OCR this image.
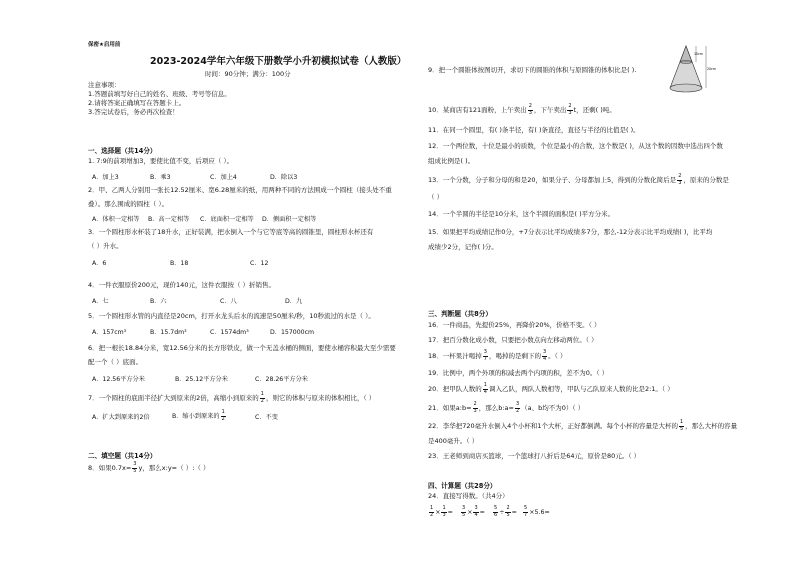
保密★启用前
2023-2024学年六年级下册数学小升初模拟试卷（人教版）
时间：90分钟；满分：100分
注意事项：
1.答题前填写好自己的姓名、班级、考号等信息。
2.请将答案正确填写在答题卡上。
3.答完试卷后，务必再次检查！
一、选择题（共14分）
1. 7:9的前项增加3，要使比值不变，后项应（ ）。
A．加上3	B．乘3	C．加上4	D．除以3
2．甲、乙两人分别用一张长12.52厘米、宽6.28厘米的纸，用两种不同的方法围成一个圆柱（接头处不重
叠）。那么围成的圆柱（ ）。
A．体积一定相等 B．高一定相等 C．底面积一定相等 D．侧面积一定相等
3．一个圆柱形水杯装了18升水，正好装满，把水倒入一个与它等底等高的圆锥里，圆柱形水杯还有
（ ）升水。
A．6	B．18	C．12
4．一件衣服原价200元，现价140元，这件衣服按（ ）折销售。
A．七	B．六	C．八	D．九
5．一个圆柱形水管的内直径是20cm，打开水龙头后水的流速是50厘米/秒，10秒流过的水是（ ）。
A．157cm³	B．15.7dm³	C．1574dm³	D．157000cm
6．把一根长18.84分米，宽12.56分米的长方形铁皮，做一个无盖水桶的侧面，要使水桶容积最大至少需要
配一个（ ）底面。
A．12.56平方分米	B．25.12平方分米	C．28.26平方分米
7．一个圆柱的底面半径扩大到原来的2倍，高缩小到原来的 $\frac{1}{2}$ ，则它的体积与原来的体积相比，（ ）
A．扩大到原来的2倍	B．缩小到原来的 $\frac{1}{2}$	C．不变
二、填空题（共14分）
8．如果$0.7x= \frac{3}{5}$ y，那么x:y=（ ）:（ ）
9．把一个圆锥体按图切开，求切下的圆锥的体积与原圆锥的体积比是( ).
10cm
20cm
10．某商店有121面粉，上午卖出 $\frac{2}{3}$ ，下午卖出 $\frac{2}{3}$ t，还剩( )吨。
11．在同一个圆里，有( )条半径，有( )条直径，直径与半径的比值是( )。
12．一个两位数，十位是最小的质数，个位是最小的合数，这个数是( )，从这个数的因数中选出四个数
组成比例是( )。
13．一个分数，分子和分母的和是20，如果分子、分母都加上5，得到的分数化简后是 $\frac{2}{3}$ ，原来的分数是
（ ）
14．一个半圆的半径是10分米，这个半圆的面积是( )平方分米。
15．如果把平均成绩记作0分，+7分表示比平均成绩多7分，那么-12分表示比平均成绩( )，比平均
成绩少2分，记作( )分。
三、判断题（共8分）
16．一件商品，先提价25%，再降价20%，价格不变。（ ）
17．把百分数化成小数，只要把小数点向左移动两位。（ ）
18．一杯果汁喝掉 $\frac{3}{7}$ ，喝掉的是剩下的 $\frac{3}{4}$ 。（ ）
19．比例中，两个外项的积减去两个内项的积，差不为0。（ ）
20．把甲队人数的 $\frac{1}{4}$ 调入乙队，两队人数相等，甲队与乙队原来人数的比是2:1。（ ）
21．如果a:b= $\frac{2}{3}$ ，那么b:a= $\frac{3}{2} (a$、b均不为0）（ ）
22．李华把720毫升水倒入4个小杯和1个大杯，正好都倒满。每个小杯的容量是大杯的 $\frac{1}{5}$ ，那么大杯的容量
是400毫升。（ ）
23．王老师到商店买篮球，一个篮球打八折后是64元，原价是80元。（ ）
四、计算题（共28分）
24．直接写得数。（共4分）
$\frac{1}{2} \times \frac{1}{3} = \frac{3}{5} \times \frac{3}{4} = \frac{5}{6} \div \frac{2}{5} = \frac{5}{7} \times 5.6=$
